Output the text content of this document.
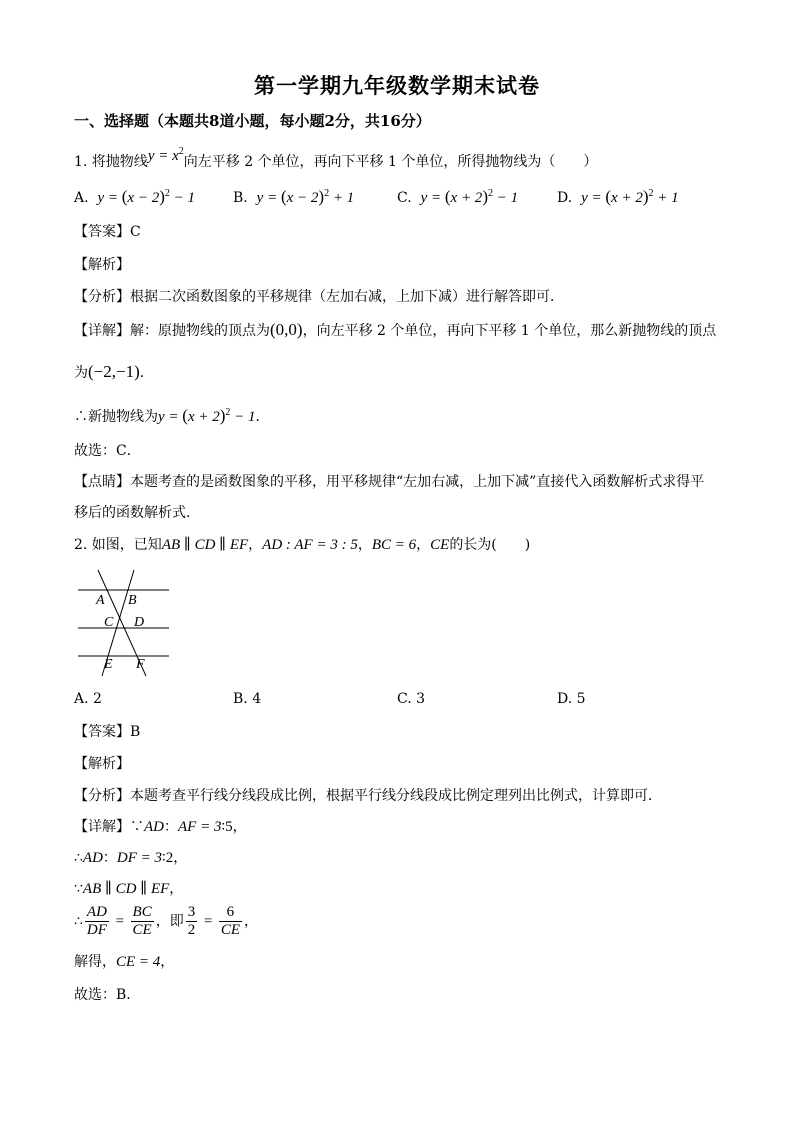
第一学期九年级数学期末试卷
一、选择题（本题共8道小题，每小题2分，共16分）
1. 将抛物线$y = x^2$向左平移 2 个单位，再向下平移 1 个单位，所得抛物线为（　　）
A. $y = (x - 2)^2 - 1$	B. $y = (x - 2)^2 + 1$	C. $y = (x + 2)^2 - 1$	D. $y = (x + 2)^2 + 1$
【答案】C
【解析】
【分析】根据二次函数图象的平移规律（左加右减，上加下减）进行解答即可．
【详解】解：原抛物线的顶点为(0,0)，向左平移 2 个单位，再向下平移 1 个单位，那么新抛物线的顶点
为(−2,−1)．
∴新抛物线为$y = (x + 2)^2 - 1$．
故选：C．
【点睛】本题考查的是函数图象的平移，用平移规律“左加右减，上加下减”直接代入函数解析式求得平
移后的函数解析式．
2. 如图，已知AB ∥ CD ∥ EF，AD : AF = 3 : 5，BC = 6，CE的长为(　　)
A B
C D
E F
A. 2	B. 4	C. 3	D. 5
【答案】B
【解析】
【分析】本题考查平行线分线段成比例，根据平行线分线段成比例定理列出比例式，计算即可．
【详解】∵AD：AF = 3∶5，
∴AD：DF = 3∶2，
∵AB ∥ CD ∥ EF，
∴ $\frac{AD}{DF} = \frac{BC}{CE}$ ，即 $\frac{3}{2} = \frac{6}{CE}$ ，
解得，CE = 4，
故选：B．
